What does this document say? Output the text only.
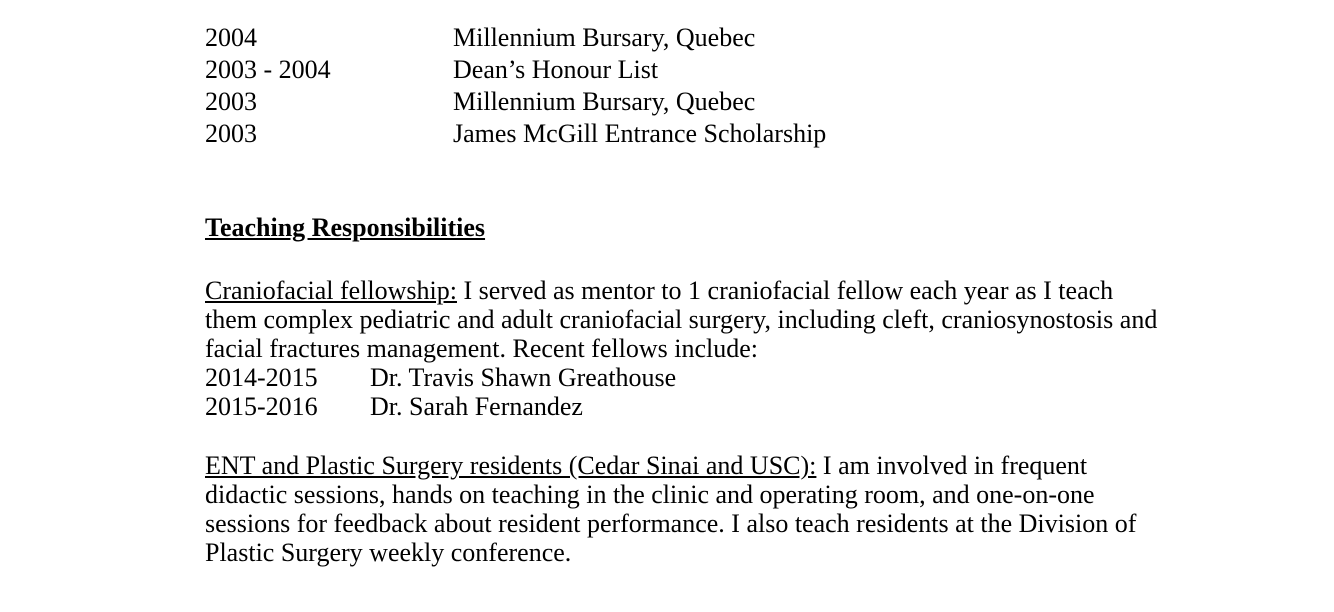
2004	Millennium Bursary, Quebec
2003 - 2004	Dean’s Honour List
2003	Millennium Bursary, Quebec
2003	James McGill Entrance Scholarship
Teaching Responsibilities
Craniofacial fellowship: I served as mentor to 1 craniofacial fellow each year as I teach them complex pediatric and adult craniofacial surgery, including cleft, craniosynostosis and facial fractures management. Recent fellows include:
2014-2015 Dr. Travis Shawn Greathouse
2015-2016 Dr. Sarah Fernandez
ENT and Plastic Surgery residents (Cedar Sinai and USC): I am involved in frequent didactic sessions, hands on teaching in the clinic and operating room, and one-on-one sessions for feedback about resident performance. I also teach residents at the Division of Plastic Surgery weekly conference.
